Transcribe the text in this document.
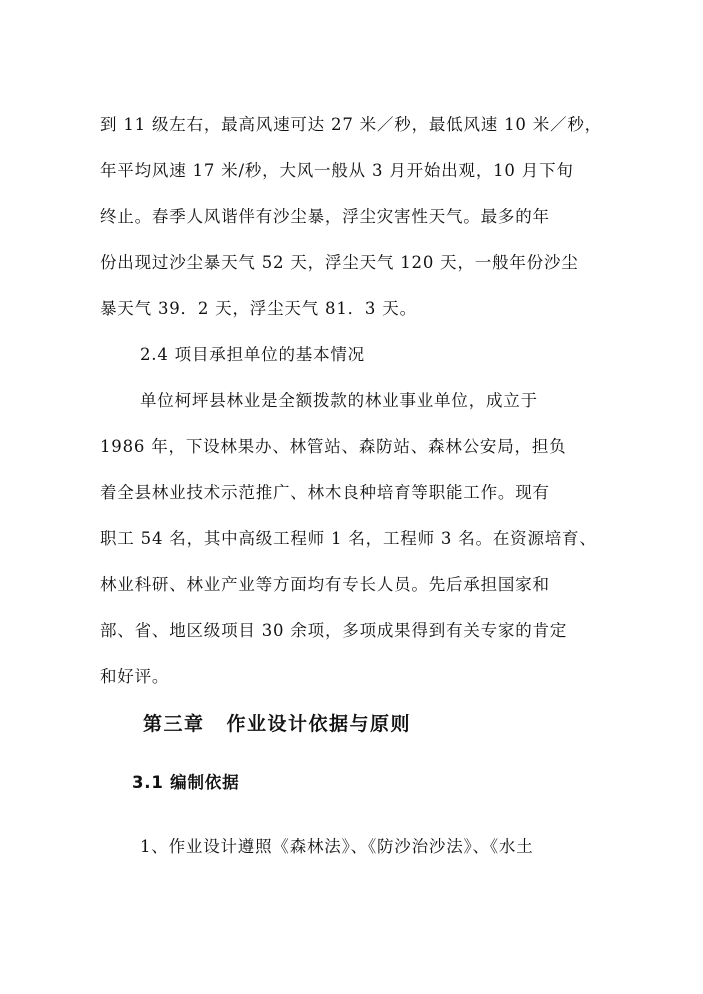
到 11 级左右，最高风速可达 27 米／秒，最低风速 10 米／秒，
年平均风速 17 米/秒，大风一般从 3 月开始出观，10 月下旬
终止。春季人风谐伴有沙尘暴，浮尘灾害性天气。最多的年
份出现过沙尘暴天气 52 天，浮尘天气 120 天，一般年份沙尘
暴天气 39．2 天，浮尘天气 81．3 天。
2.4 项目承担单位的基本情况
单位柯坪县林业是全额拨款的林业事业单位，成立于
1986 年，下设林果办、林管站、森防站、森林公安局，担负
着全县林业技术示范推广、林木良种培育等职能工作。现有
职工 54 名，其中高级工程师 1 名，工程师 3 名。在资源培育、
林业科研、林业产业等方面均有专长人员。先后承担国家和
部、省、地区级项目 30 余项，多项成果得到有关专家的肯定
和好评。
第三章 作业设计依据与原则
3.1 编制依据
1、作业设计遵照《森林法》、《防沙治沙法》、《水土
